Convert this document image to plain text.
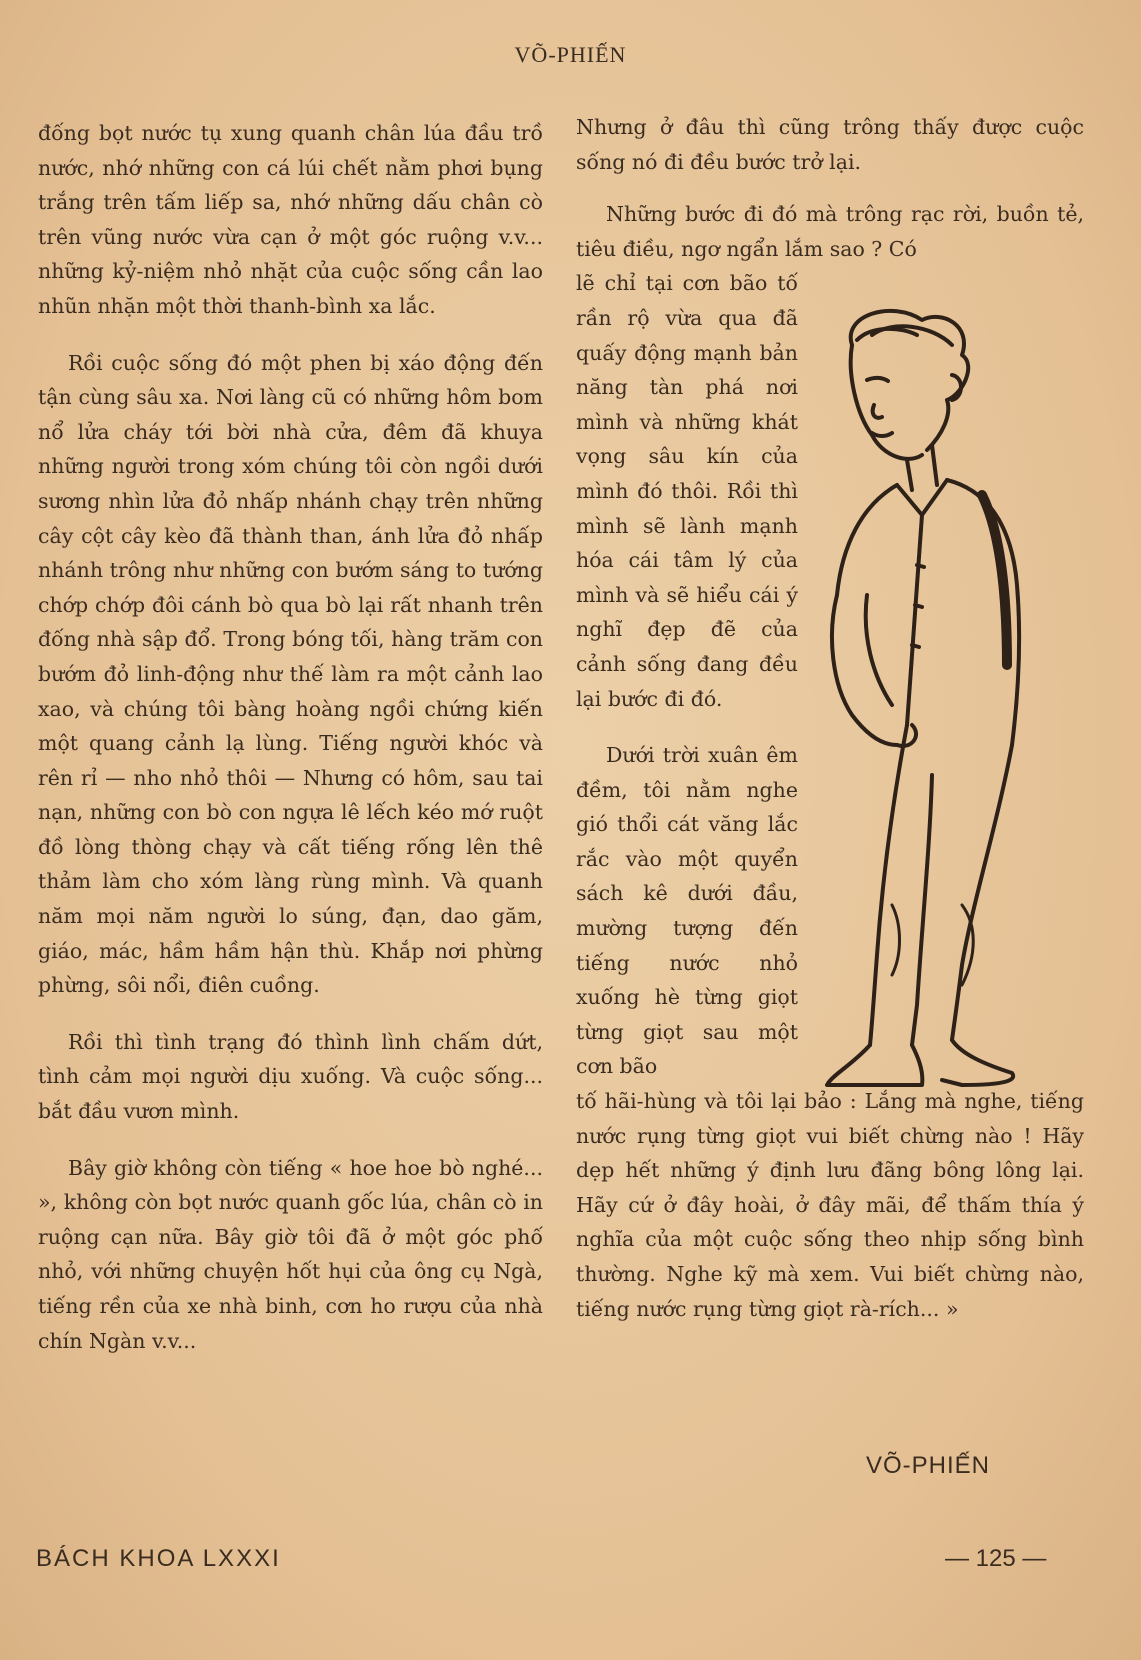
VÕ-PHIẾN

đống bọt nước tụ xung quanh chân lúa đầu trồ nước, nhớ những con cá lúi chết nằm phơi bụng trắng trên tấm liếp sa, nhớ những dấu chân cò trên vũng nước vừa cạn ở một góc ruộng v.v... những kỷ-niệm nhỏ nhặt của cuộc sống cần lao nhũn nhặn một thời thanh-bình xa lắc.

Rồi cuộc sống đó một phen bị xáo động đến tận cùng sâu xa. Nơi làng cũ có những hôm bom nổ lửa cháy tới bời nhà cửa, đêm đã khuya những người trong xóm chúng tôi còn ngồi dưới sương nhìn lửa đỏ nhấp nhánh chạy trên những cây cột cây kèo đã thành than, ánh lửa đỏ nhấp nhánh trông như những con bướm sáng to tướng chớp chớp đôi cánh bò qua bò lại rất nhanh trên đống nhà sập đổ. Trong bóng tối, hàng trăm con bướm đỏ linh-động như thế làm ra một cảnh lao xao, và chúng tôi bàng hoàng ngồi chứng kiến một quang cảnh lạ lùng. Tiếng người khóc và rên rỉ — nho nhỏ thôi — Nhưng có hôm, sau tai nạn, những con bò con ngựa lê lếch kéo mớ ruột đồ lòng thòng chạy và cất tiếng rống lên thê thảm làm cho xóm làng rùng mình. Và quanh năm mọi năm người lo súng, đạn, dao găm, giáo, mác, hầm hầm hận thù. Khắp nơi phừng phừng, sôi nổi, điên cuồng.

Rồi thì tình trạng đó thình lình chấm dứt, tình cảm mọi người dịu xuống. Và cuộc sống... bắt đầu vươn mình.

Bây giờ không còn tiếng « hoe hoe bò nghé... », không còn bọt nước quanh gốc lúa, chân cò in ruộng cạn nữa. Bây giờ tôi đã ở một góc phố nhỏ, với những chuyện hốt hụi của ông cụ Ngà, tiếng rền của xe nhà binh, cơn ho rượu của nhà chín Ngàn v.v...

Nhưng ở đâu thì cũng trông thấy được cuộc sống nó đi đều bước trở lại.

Những bước đi đó mà trông rạc rời, buồn tẻ, tiêu điều, ngơ ngẩn lắm sao ? Có

lẽ chỉ tại cơn bão tố rần rộ vừa qua đã quấy động mạnh bản năng tàn phá nơi mình và những khát vọng sâu kín của mình đó thôi. Rồi thì mình sẽ lành mạnh hóa cái tâm lý của mình và sẽ hiểu cái ý nghĩ đẹp đẽ của cảnh sống đang đều lại bước đi đó.

Dưới trời xuân êm đềm, tôi nằm nghe gió thổi cát văng lắc rắc vào một quyển sách kê dưới đầu, mường tượng đến tiếng nước nhỏ xuống hè từng giọt từng giọt sau một cơn bão

tố hãi-hùng và tôi lại bảo : Lắng mà nghe, tiếng nước rụng từng giọt vui biết chừng nào ! Hãy dẹp hết những ý định lưu đãng bông lông lại. Hãy cứ ở đây hoài, ở đây mãi, để thấm thía ý nghĩa của một cuộc sống theo nhịp sống bình thường. Nghe kỹ mà xem. Vui biết chừng nào, tiếng nước rụng từng giọt rà-rích... »

VÕ-PHIẾN
BÁCH KHOA LXXXI	— 125 —
